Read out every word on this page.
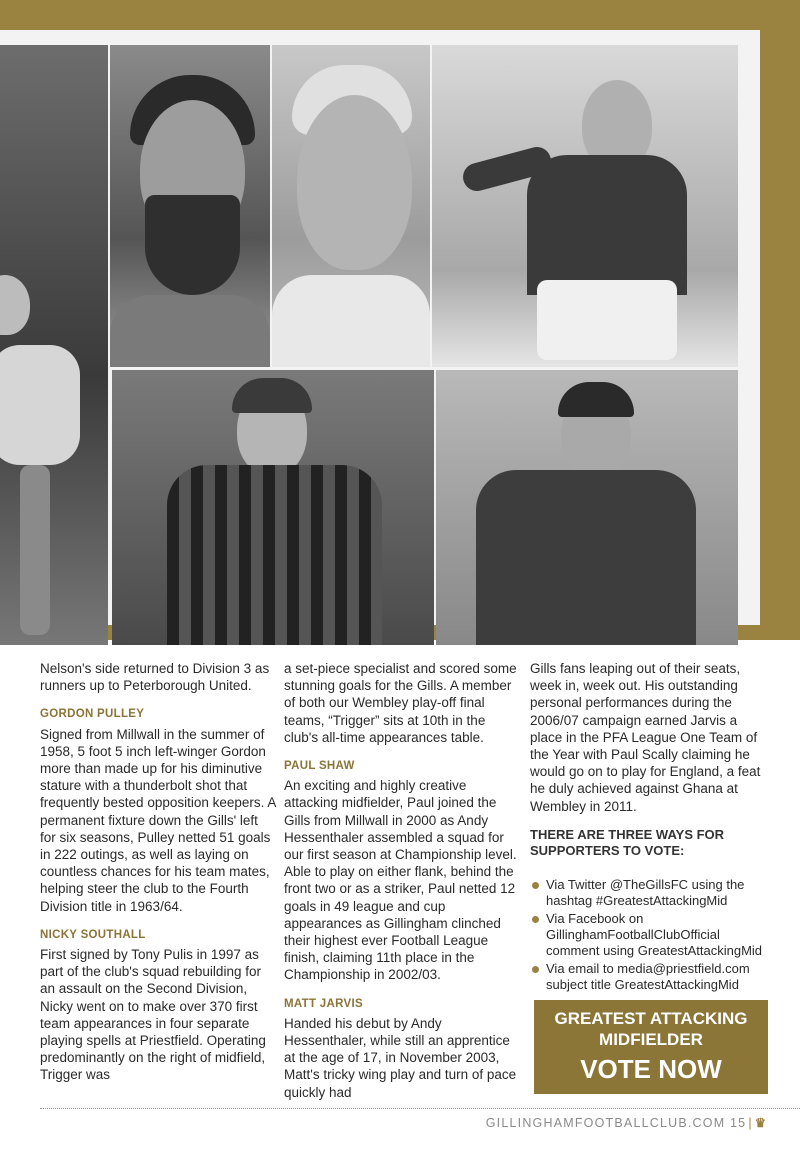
Nelson's side returned to Division 3 as runners up to Peterborough United.

GORDON PULLEY

Signed from Millwall in the summer of 1958, 5 foot 5 inch left-winger Gordon more than made up for his diminutive stature with a thunderbolt shot that frequently bested opposition keepers. A permanent fixture down the Gills' left for six seasons, Pulley netted 51 goals in 222 outings, as well as laying on countless chances for his team mates, helping steer the club to the Fourth Division title in 1963/64.

NICKY SOUTHALL

First signed by Tony Pulis in 1997 as part of the club's squad rebuilding for an assault on the Second Division, Nicky went on to make over 370 first team appearances in four separate playing spells at Priestfield. Operating predominantly on the right of midfield, Trigger was

a set-piece specialist and scored some stunning goals for the Gills. A member of both our Wembley play-off final teams, “Trigger” sits at 10th in the club's all-time appearances table.

PAUL SHAW

An exciting and highly creative attacking midfielder, Paul joined the Gills from Millwall in 2000 as Andy Hessenthaler assembled a squad for our first season at Championship level. Able to play on either flank, behind the front two or as a striker, Paul netted 12 goals in 49 league and cup appearances as Gillingham clinched their highest ever Football League finish, claiming 11th place in the Championship in 2002/03.

MATT JARVIS

Handed his debut by Andy Hessenthaler, while still an apprentice at the age of 17, in November 2003, Matt's tricky wing play and turn of pace quickly had

Gills fans leaping out of their seats, week in, week out. His outstanding personal performances during the 2006/07 campaign earned Jarvis a place in the PFA League One Team of the Year with Paul Scally claiming he would go on to play for England, a feat he duly achieved against Ghana at Wembley in 2011.

THERE ARE THREE WAYS FOR SUPPORTERS TO VOTE:
Via Twitter @TheGillsFC using the hashtag #GreatestAttackingMid
Via Facebook on GillinghamFootballClubOfficial comment using GreatestAttackingMid
Via email to media@priestfield.com subject title GreatestAttackingMid
GREATEST ATTACKING
MIDFIELDER
VOTE NOW
GILLINGHAMFOOTBALLCLUB.COM 15 | ♛
